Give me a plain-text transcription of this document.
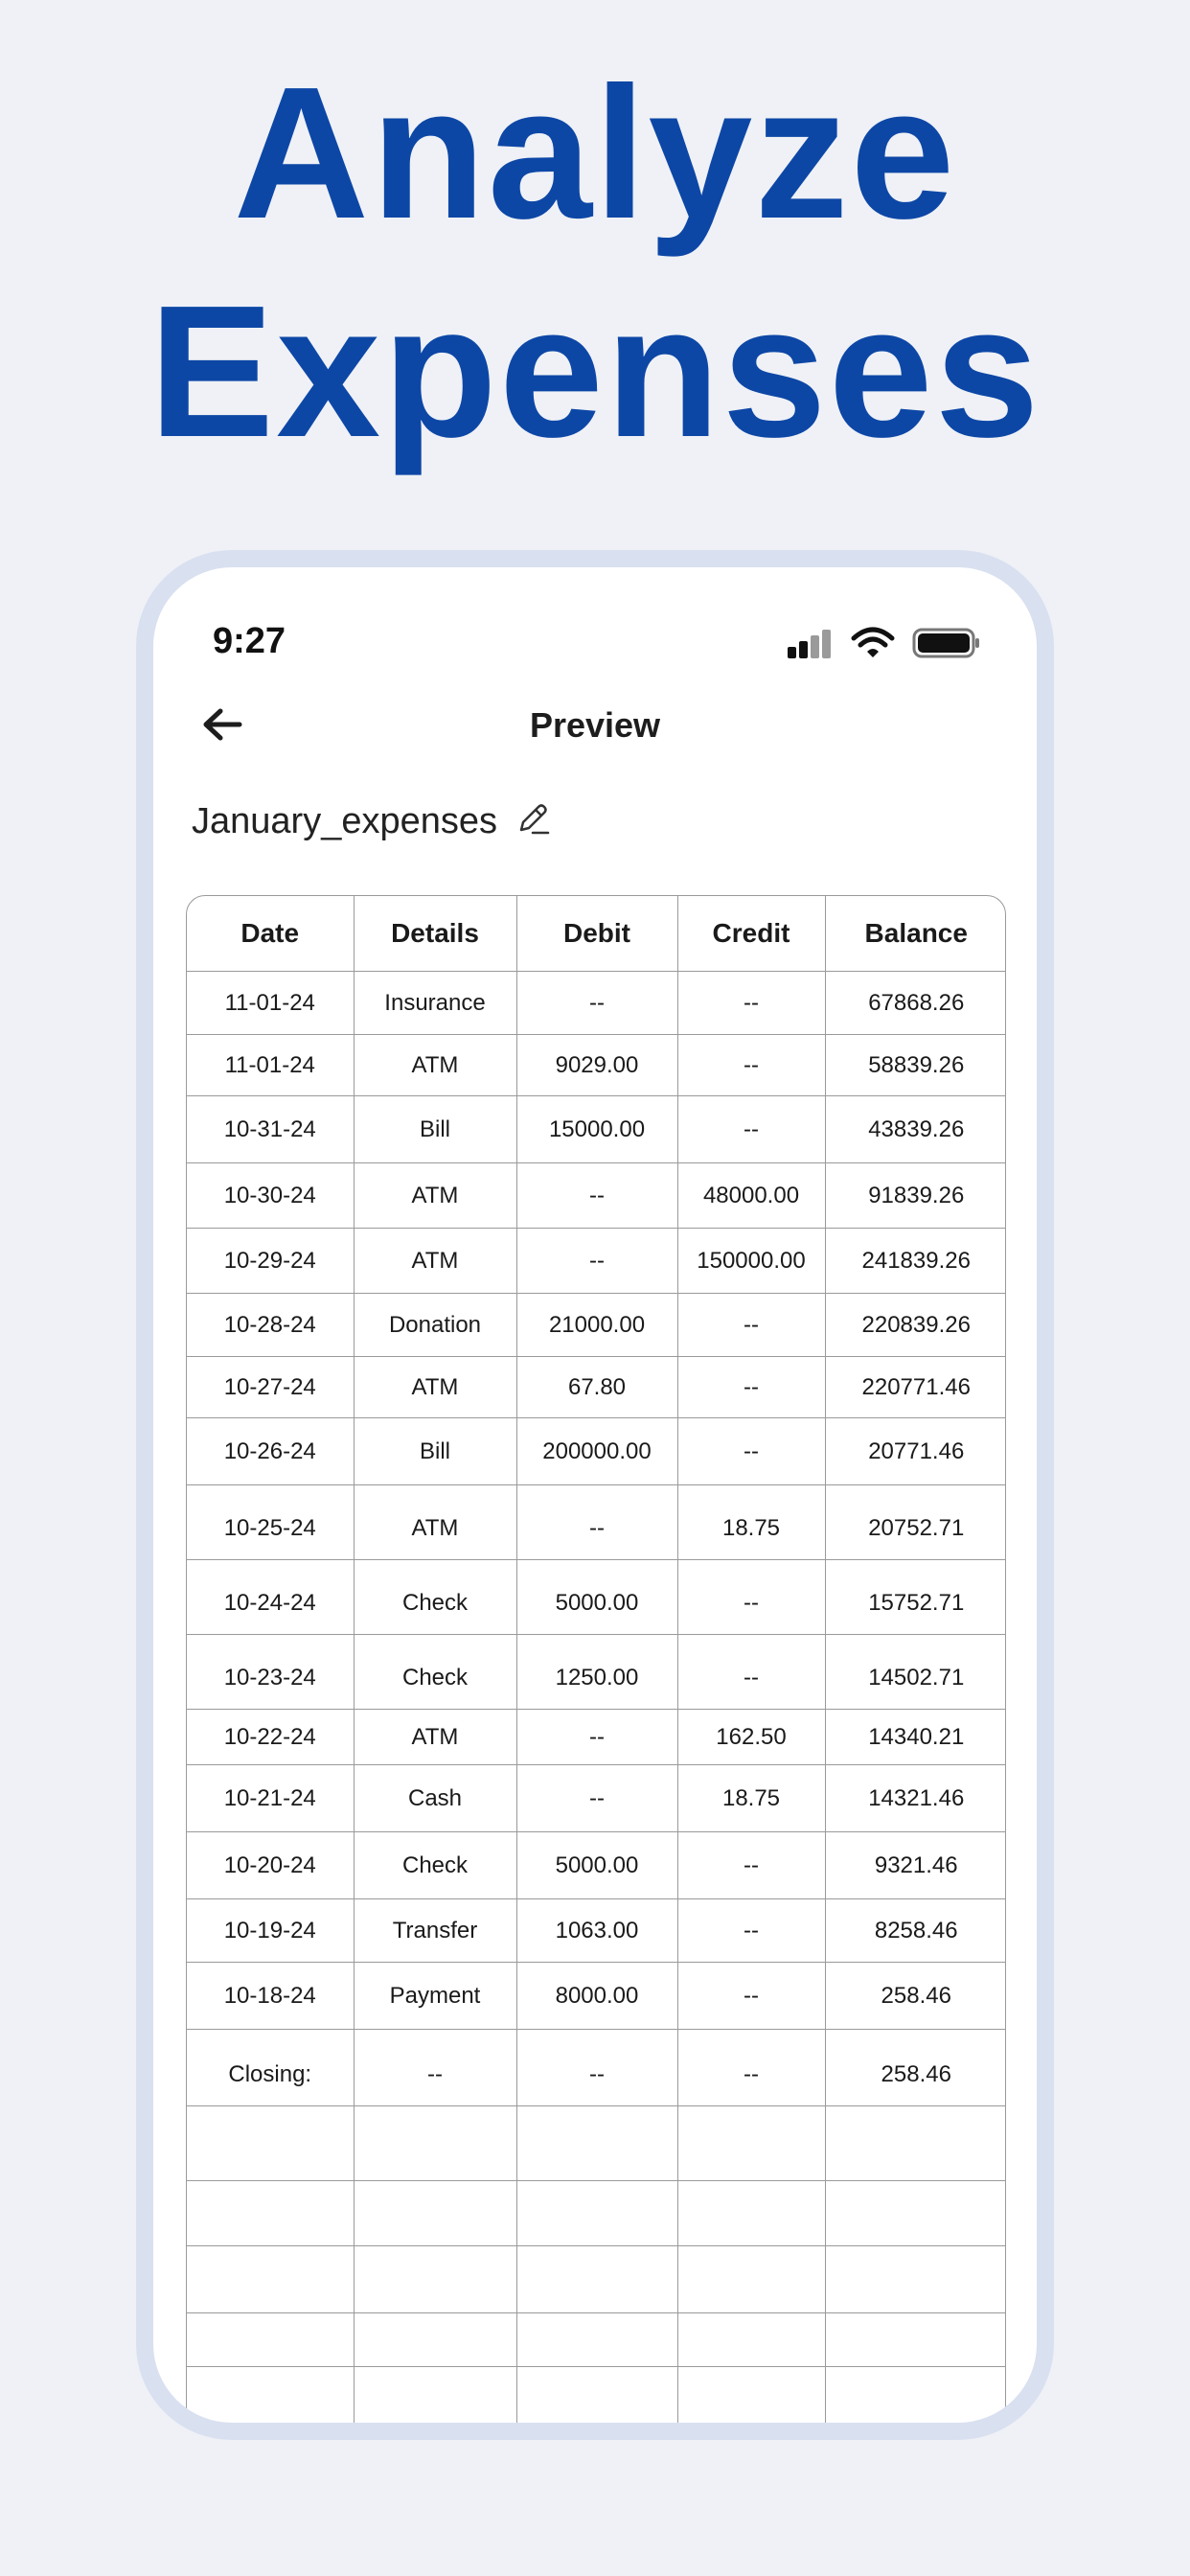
Analyze
Expenses
9:27
Preview
January_expenses
Date	Details	Debit	Credit	Balance
11-01-24	Insurance	--	--	67868.26
11-01-24	ATM	9029.00	--	58839.26
10-31-24	Bill	15000.00	--	43839.26
10-30-24	ATM	--	48000.00	91839.26
10-29-24	ATM	--	150000.00	241839.26
10-28-24	Donation	21000.00	--	220839.26
10-27-24	ATM	67.80	--	220771.46
10-26-24	Bill	200000.00	--	20771.46
10-25-24	ATM	--	18.75	20752.71
10-24-24	Check	5000.00	--	15752.71
10-23-24	Check	1250.00	--	14502.71
10-22-24	ATM	--	162.50	14340.21
10-21-24	Cash	--	18.75	14321.46
10-20-24	Check	5000.00	--	9321.46
10-19-24	Transfer	1063.00	--	8258.46
10-18-24	Payment	8000.00	--	258.46
Closing:	--	--	--	258.46
